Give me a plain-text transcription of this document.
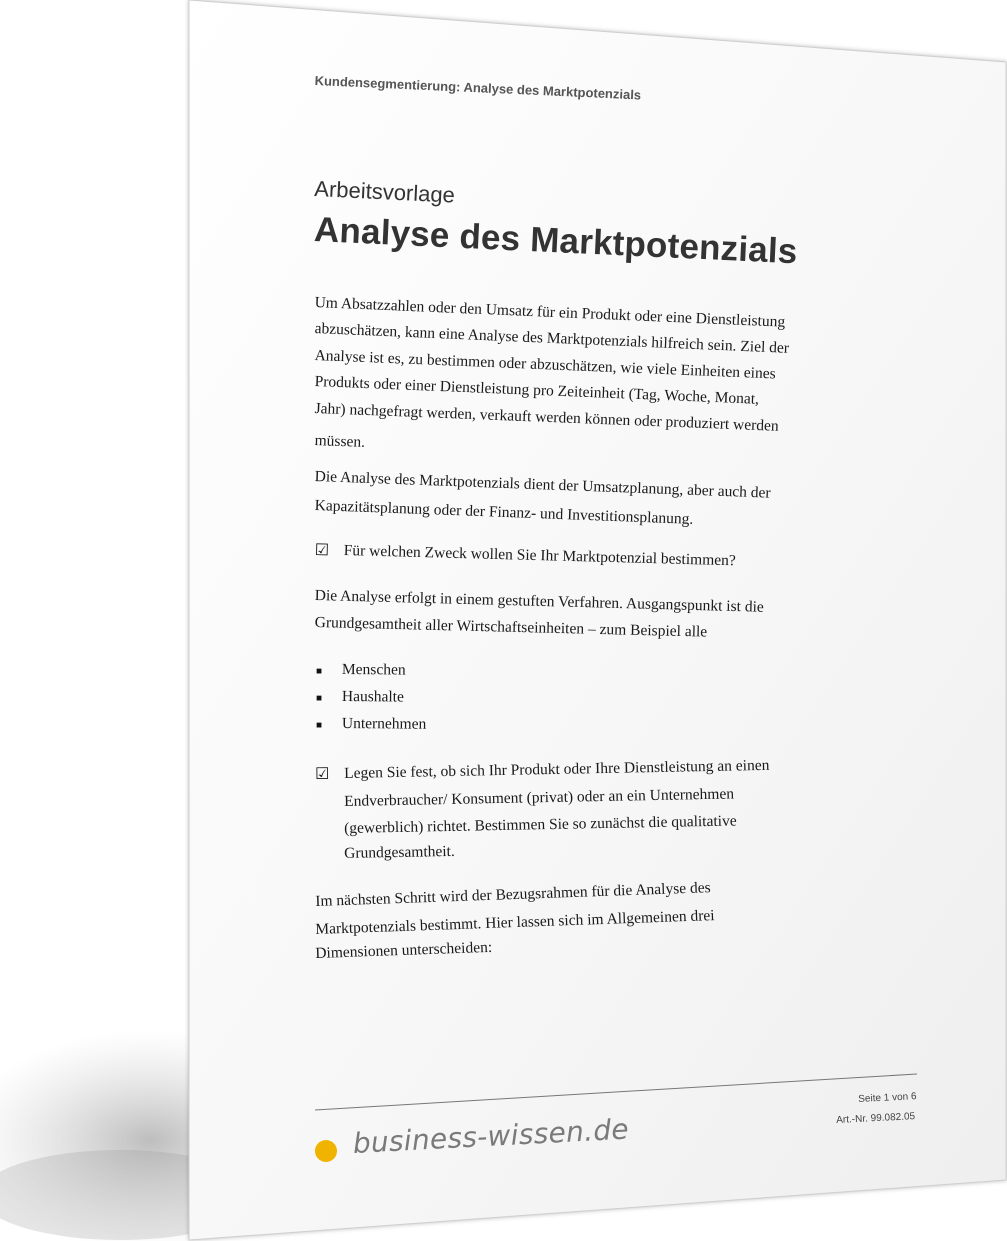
Kundensegmentierung: Analyse des Marktpotenzials
Arbeitsvorlage
Analyse des Marktpotenzials
Um Absatzzahlen oder den Umsatz für ein Produkt oder eine Dienstleistung
abzuschätzen, kann eine Analyse des Marktpotenzials hilfreich sein. Ziel der
Analyse ist es, zu bestimmen oder abzuschätzen, wie viele Einheiten eines
Produkts oder einer Dienstleistung pro Zeiteinheit (Tag, Woche, Monat,
Jahr) nachgefragt werden, verkauft werden können oder produziert werden
müssen.
Die Analyse des Marktpotenzials dient der Umsatzplanung, aber auch der
Kapazitätsplanung oder der Finanz- und Investitionsplanung.
☑ Für welchen Zweck wollen Sie Ihr Marktpotenzial bestimmen?
Die Analyse erfolgt in einem gestuften Verfahren. Ausgangspunkt ist die
Grundgesamtheit aller Wirtschaftseinheiten – zum Beispiel alle
■ Menschen
■ Haushalte
■ Unternehmen
☑ Legen Sie fest, ob sich Ihr Produkt oder Ihre Dienstleistung an einen
Endverbraucher/ Konsument (privat) oder an ein Unternehmen
(gewerblich) richtet. Bestimmen Sie so zunächst die qualitative
Grundgesamtheit.
Im nächsten Schritt wird der Bezugsrahmen für die Analyse des
Marktpotenzials bestimmt. Hier lassen sich im Allgemeinen drei
Dimensionen unterscheiden:
Seite 1 von 6
Art.-Nr. 99.082.05
business-wissen.de
